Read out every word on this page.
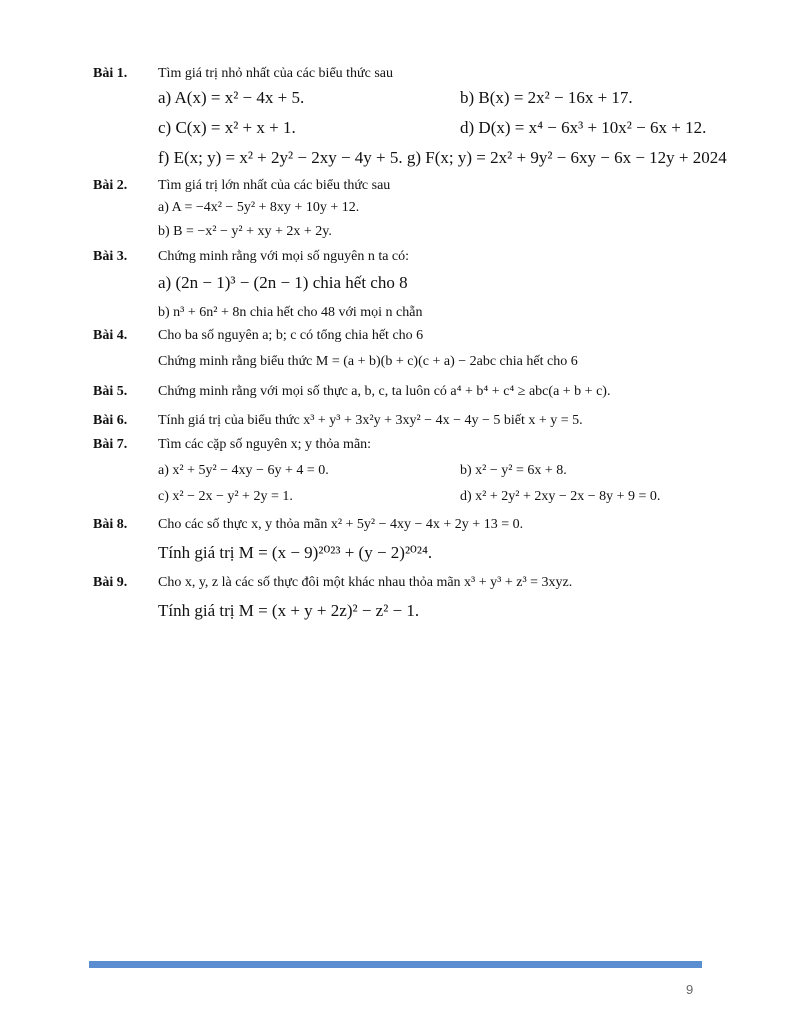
Bài 1. Tìm giá trị nhỏ nhất của các biểu thức sau
a) A(x) = x² − 4x + 5.	b) B(x) = 2x² − 16x + 17.
c) C(x) = x² + x + 1.	d) D(x) = x⁴ − 6x³ + 10x² − 6x + 12.
f) E(x; y) = x² + 2y² − 2xy − 4y + 5. g) F(x; y) = 2x² + 9y² − 6xy − 6x − 12y + 2024
Bài 2. Tìm giá trị lớn nhất của các biểu thức sau
a) A = −4x² − 5y² + 8xy + 10y + 12.
b) B = −x² − y² + xy + 2x + 2y.
Bài 3. Chứng minh rằng với mọi số nguyên n ta có:
a) (2n − 1)³ − (2n − 1) chia hết cho 8
b) n³ + 6n² + 8n chia hết cho 48 với mọi n chẵn
Bài 4. Cho ba số nguyên a; b; c có tổng chia hết cho 6
Chứng minh rằng biểu thức M = (a + b)(b + c)(c + a) − 2abc chia hết cho 6
Bài 5. Chứng minh rằng với mọi số thực a, b, c, ta luôn có a⁴ + b⁴ + c⁴ ≥ abc(a + b + c).
Bài 6. Tính giá trị của biểu thức x³ + y³ + 3x²y + 3xy² − 4x − 4y − 5 biết x + y = 5.
Bài 7. Tìm các cặp số nguyên x; y thỏa mãn:
a) x² + 5y² − 4xy − 6y + 4 = 0.	b) x² − y² = 6x + 8.
c) x² − 2x − y² + 2y = 1.	d) x² + 2y² + 2xy − 2x − 8y + 9 = 0.
Bài 8. Cho các số thực x, y thỏa mãn x² + 5y² − 4xy − 4x + 2y + 13 = 0.
Tính giá trị M = (x − 9)²⁰²³ + (y − 2)²⁰²⁴.
Bài 9. Cho x, y, z là các số thực đôi một khác nhau thỏa mãn x³ + y³ + z³ = 3xyz.
Tính giá trị M = (x + y + 2z)² − z² − 1.
9
